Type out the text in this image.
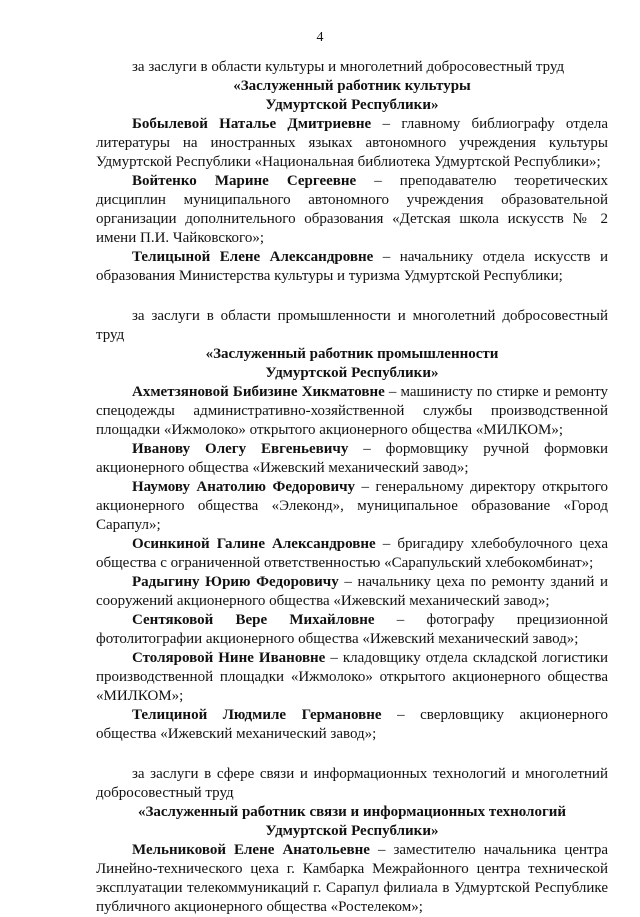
4

за заслуги в области культуры и многолетний добросовестный труд

«Заслуженный работник культуры
Удмуртской Республики»

Бобылевой Наталье Дмитриевне – главному библиографу отдела литературы на иностранных языках автономного учреждения культуры Удмуртской Республики «Национальная библиотека Удмуртской Республики»;

Войтенко Марине Сергеевне – преподавателю теоретических дисциплин муниципального автономного учреждения образовательной организации дополнительного образования «Детская школа искусств № 2 имени П.И. Чайковского»;

Телицыной Елене Александровне – начальнику отдела искусств и образования Министерства культуры и туризма Удмуртской Республики;

за заслуги в области промышленности и многолетний добросовестный труд

«Заслуженный работник промышленности
Удмуртской Республики»

Ахметзяновой Бибизине Хикматовне – машинисту по стирке и ремонту спецодежды административно-хозяйственной службы производственной площадки «Ижмолоко» открытого акционерного общества «МИЛКОМ»;

Иванову Олегу Евгеньевичу – формовщику ручной формовки акционерного общества «Ижевский механический завод»;

Наумову Анатолию Федоровичу – генеральному директору открытого акционерного общества «Элеконд», муниципальное образование «Город Сарапул»;

Осинкиной Галине Александровне – бригадиру хлебобулочного цеха общества с ограниченной ответственностью «Сарапульский хлебокомбинат»;

Радыгину Юрию Федоровичу – начальнику цеха по ремонту зданий и сооружений акционерного общества «Ижевский механический завод»;

Сентяковой Вере Михайловне – фотографу прецизионной фотолитографии акционерного общества «Ижевский механический завод»;

Столяровой Нине Ивановне – кладовщику отдела складской логистики производственной площадки «Ижмолоко» открытого акционерного общества «МИЛКОМ»;

Телициной Людмиле Германовне – сверловщику акционерного общества «Ижевский механический завод»;

за заслуги в сфере связи и информационных технологий и многолетний добросовестный труд

«Заслуженный работник связи и информационных технологий
Удмуртской Республики»

Мельниковой Елене Анатольевне – заместителю начальника центра Линейно-технического цеха г. Камбарка Межрайонного центра технической эксплуатации телекоммуникаций г. Сарапул филиала в Удмуртской Республике публичного акционерного общества «Ростелеком»;
